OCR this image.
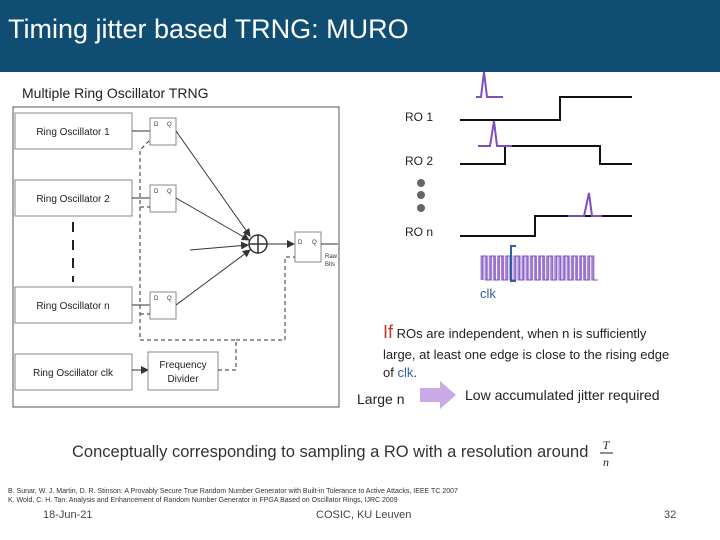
Timing jitter based TRNG: MURO
Multiple Ring Oscillator TRNG
Ring Oscillator 1
Ring Oscillator 2
Ring Oscillator n
Ring Oscillator clk
D Q
D Q
D Q
D Q
Raw
Bits
Frequency
Divider
RO 1
RO 2
RO n
clk
T
n
If ROs are independent, when n is sufficiently
large, at least one edge is close to the rising edge
of clk.
Large n	Low accumulated jitter required
Conceptually corresponding to sampling a RO with a resolution around
B. Sunar, W. J. Martin, D. R. Stinson: A Provably Secure True Random Number Generator with Built-in Tolerance to Active Attacks, IEEE TC 2007
K. Wold, C. H. Tan: Analysis and Enhancement of Random Number Generator in FPGA Based on Oscillator Rings, IJRC 2009
18-Jun-21	COSIC, KU Leuven	32
